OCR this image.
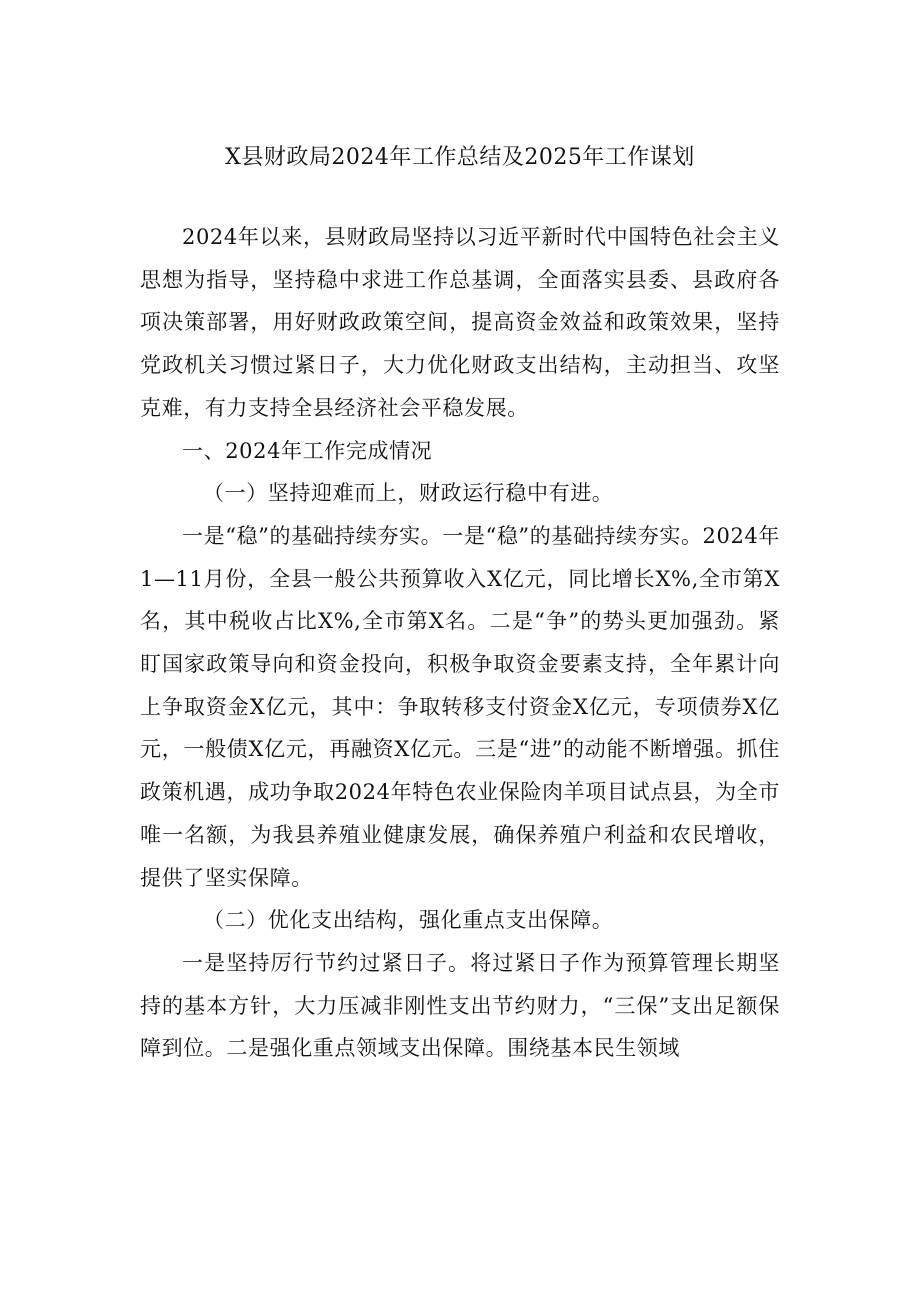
X县财政局2024年工作总结及2025年工作谋划

2024年以来，县财政局坚持以习近平新时代中国特色社会主义思想为指导，坚持稳中求进工作总基调，全面落实县委、县政府各项决策部署，用好财政政策空间，提高资金效益和政策效果，坚持党政机关习惯过紧日子，大力优化财政支出结构，主动担当、攻坚克难，有力支持全县经济社会平稳发展。

一、2024年工作完成情况

（一）坚持迎难而上，财政运行稳中有进。

一是“稳”的基础持续夯实。一是“稳”的基础持续夯实。2024年1—11月份，全县一般公共预算收入X亿元，同比增长X%,全市第X名，其中税收占比X%,全市第X名。二是“争”的势头更加强劲。紧盯国家政策导向和资金投向，积极争取资金要素支持，全年累计向上争取资金X亿元，其中：争取转移支付资金X亿元，专项债券X亿元，一般债X亿元，再融资X亿元。三是“进”的动能不断增强。抓住政策机遇，成功争取2024年特色农业保险肉羊项目试点县，为全市唯一名额，为我县养殖业健康发展，确保养殖户利益和农民增收，提供了坚实保障。

（二）优化支出结构，强化重点支出保障。

一是坚持厉行节约过紧日子。将过紧日子作为预算管理长期坚持的基本方针，大力压减非刚性支出节约财力，“三保”支出足额保障到位。二是强化重点领域支出保障。围绕基本民生领域
